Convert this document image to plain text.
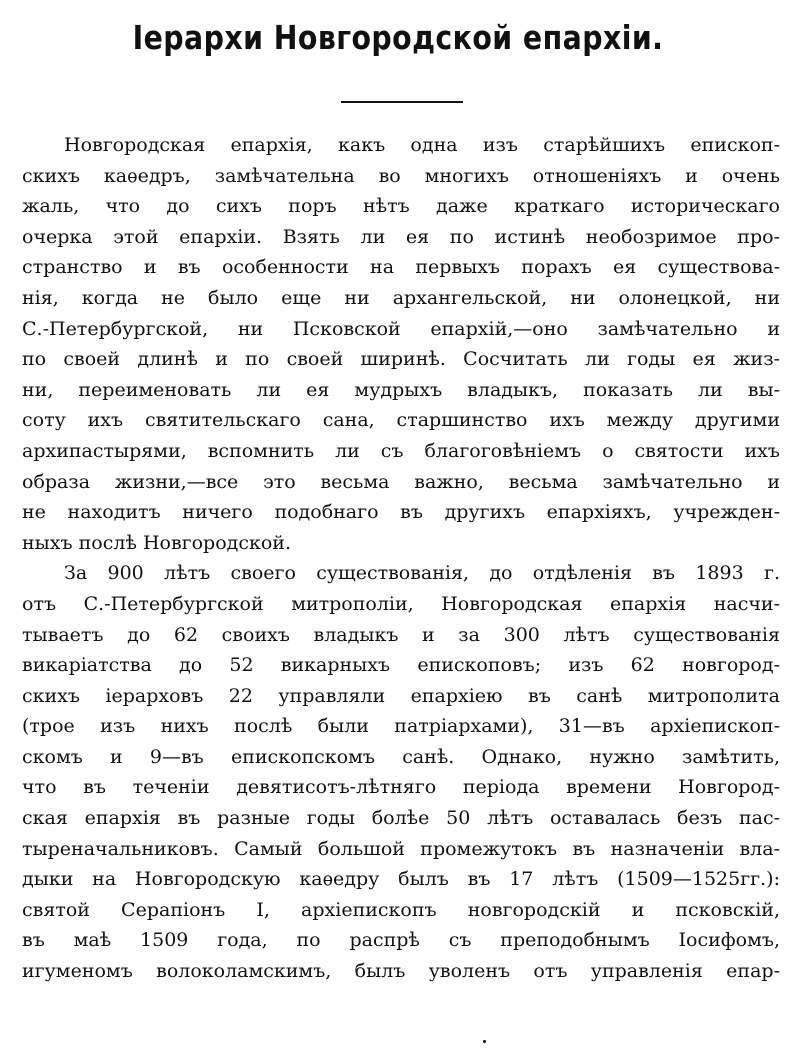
Іерархи Новгородской епархіи.
Новгородская епархія, какъ одна изъ старѣйшихъ епископ-
скихъ каѳедръ, замѣчательна во многихъ отношеніяхъ и очень
жаль, что до сихъ поръ нѣтъ даже краткаго историческаго
очерка этой епархіи. Взять ли ея по истинѣ необозримое про-
странство и въ особенности на первыхъ порахъ ея существова-
нія, когда не было еще ни архангельской, ни олонецкой, ни
С.-Петербургской, ни Псковской епархій,—оно замѣчательно и
по своей длинѣ и по своей ширинѣ. Сосчитать ли годы ея жиз-
ни, переименовать ли ея мудрыхъ владыкъ, показать ли вы-
соту ихъ святительскаго сана, старшинство ихъ между другими
архипастырями, вспомнить ли съ благоговѣніемъ о святости ихъ
образа жизни,—все это весьма важно, весьма замѣчательно и
не находитъ ничего подобнаго въ другихъ епархіяхъ, учрежден-
ныхъ послѣ Новгородской.
За 900 лѣтъ своего существованія, до отдѣленія въ 1893 г.
отъ С.-Петербургской митрополіи, Новгородская епархія насчи-
тываетъ до 62 своихъ владыкъ и за 300 лѣтъ существованія
викаріатства до 52 викарныхъ епископовъ; изъ 62 новгород-
скихъ іерарховъ 22 управляли епархіею въ санѣ митрополита
(трое изъ нихъ послѣ были патріархами), 31—въ архіепископ-
скомъ и 9—въ епископскомъ санѣ. Однако, нужно замѣтить,
что въ теченіи девятисотъ-лѣтняго періода времени Новгород-
ская епархія въ разные годы болѣе 50 лѣтъ оставалась безъ пас-
тыреначальниковъ. Самый большой промежутокъ въ назначеніи вла-
дыки на Новгородскую каѳедру былъ въ 17 лѣтъ (1509—1525гг.):
святой Серапіонъ I, архіепископъ новгородскій и псковскій,
въ маѣ 1509 года, по распрѣ съ преподобнымъ Іосифомъ,
игуменомъ волоколамскимъ, былъ уволенъ отъ управленія епар-
